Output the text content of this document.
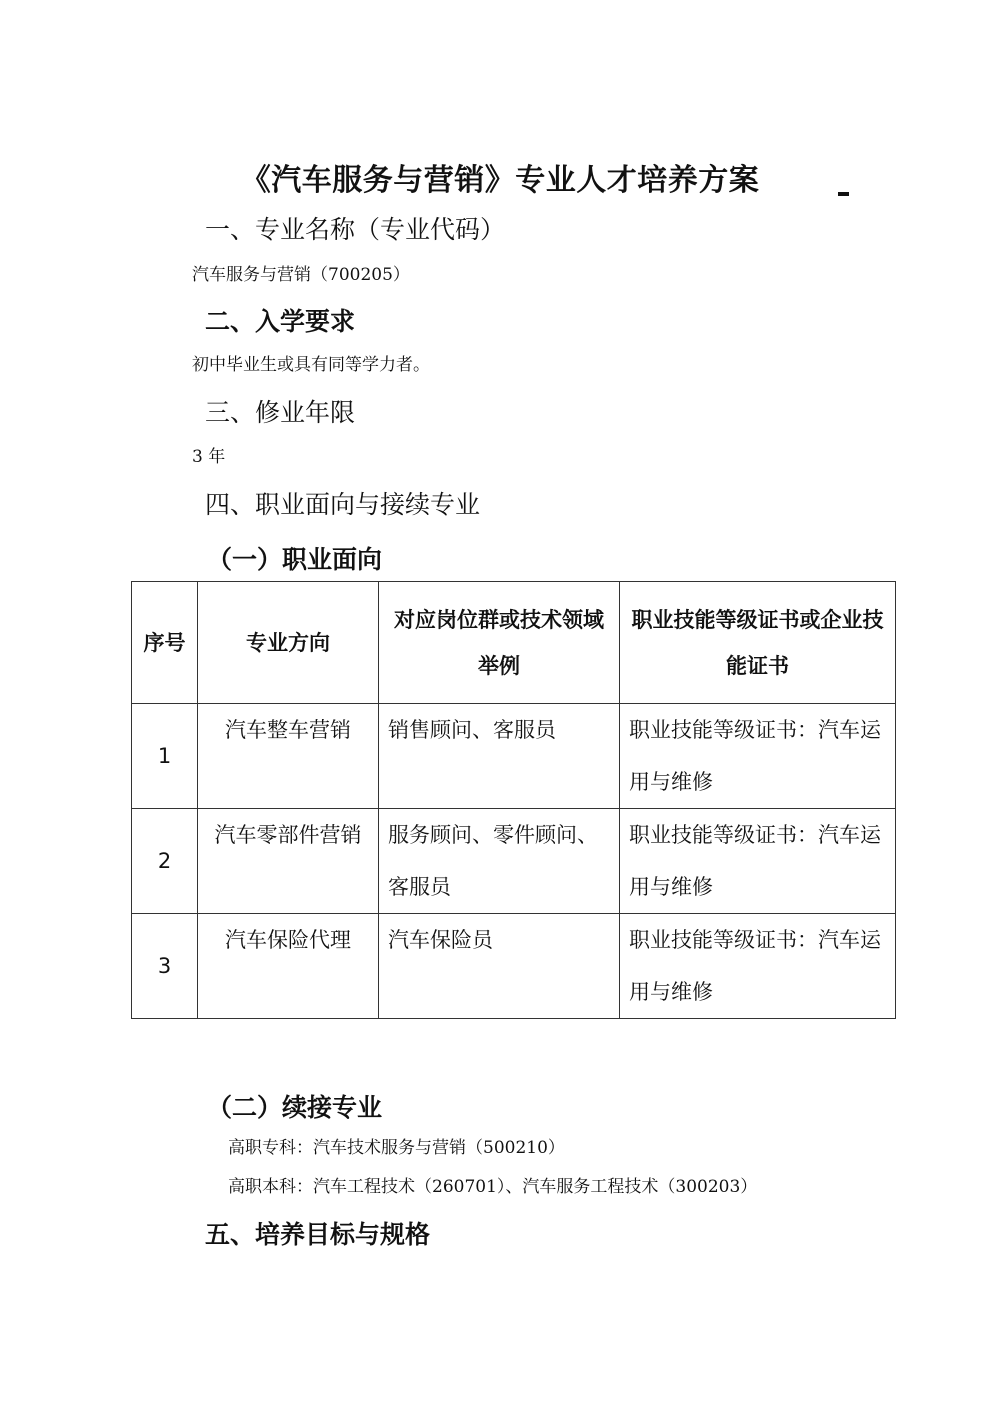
《汽车服务与营销》专业人才培养方案
一、专业名称（专业代码）
汽车服务与营销（700205）
二、入学要求
初中毕业生或具有同等学力者。
三、修业年限
3 年
四、职业面向与接续专业
（一）职业面向
序号	专业方向	对应岗位群或技术领域举例	职业技能等级证书或企业技能证书
1	汽车整车营销	销售顾问、客服员	职业技能等级证书：汽车运用与维修
2	汽车零部件营销	服务顾问、零件顾问、客服员	职业技能等级证书：汽车运用与维修
3	汽车保险代理	汽车保险员	职业技能等级证书：汽车运用与维修
（二）续接专业
高职专科：汽车技术服务与营销（500210）
高职本科：汽车工程技术（260701）、汽车服务工程技术（300203）
五、培养目标与规格
